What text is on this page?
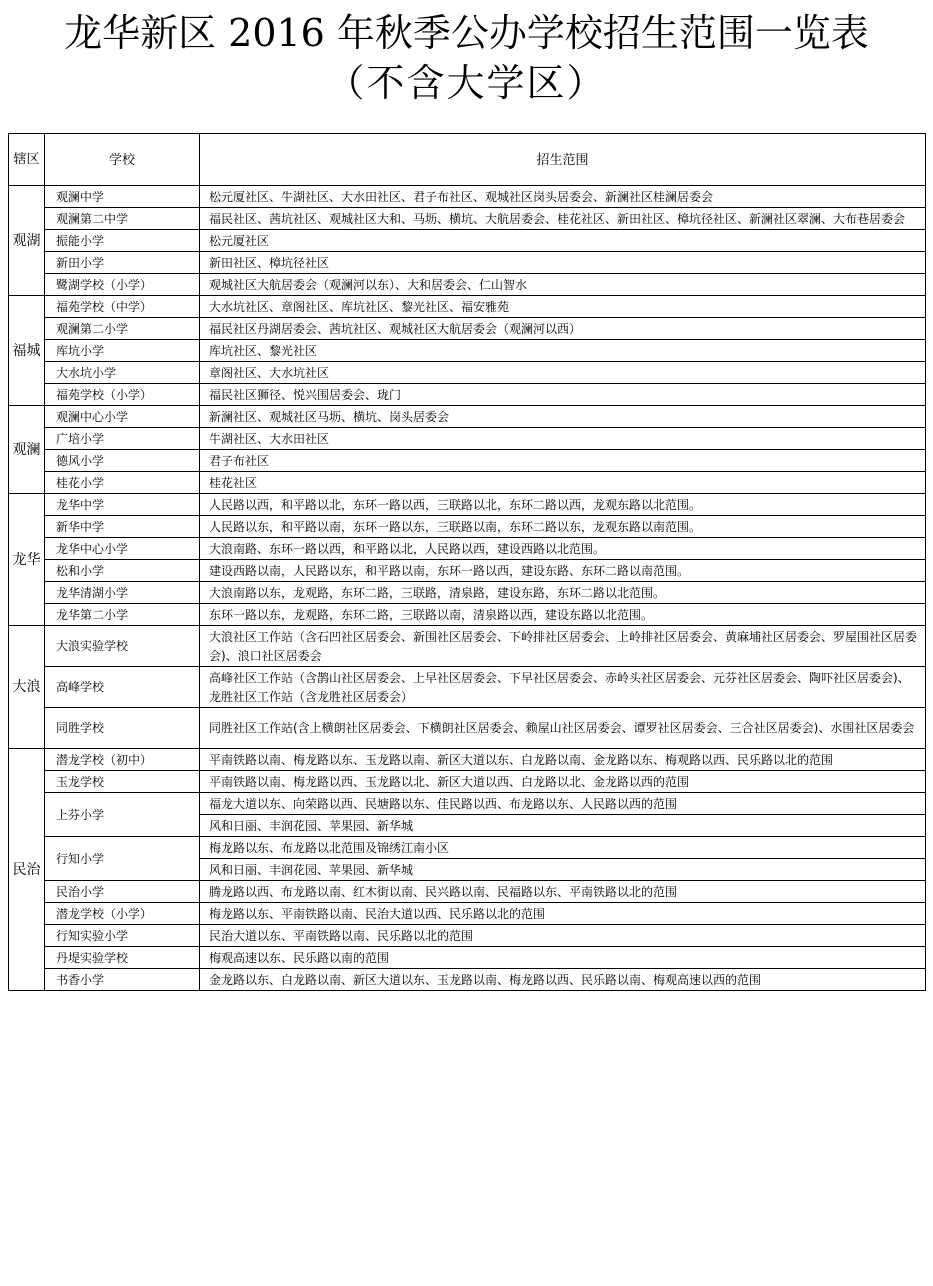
龙华新区 2016 年秋季公办学校招生范围一览表
（不含大学区）
辖区	学校	招生范围
观湖	观澜中学	松元厦社区、牛湖社区、大水田社区、君子布社区、观城社区岗头居委会、新澜社区桂澜居委会
	观澜第二中学	福民社区、茜坑社区、观城社区大和、马坜、横坑、大航居委会、桂花社区、新田社区、樟坑径社区、新澜社区翠澜、大布巷居委会
	振能小学	松元厦社区
	新田小学	新田社区、樟坑径社区
	鹭湖学校（小学）	观城社区大航居委会（观澜河以东）、大和居委会、仁山智水
福城	福苑学校（中学）	大水坑社区、章阁社区、库坑社区、黎光社区、福安雅苑
	观澜第二小学	福民社区丹湖居委会、茜坑社区、观城社区大航居委会（观澜河以西）
	库坑小学	库坑社区、黎光社区
	大水坑小学	章阁社区、大水坑社区
	福苑学校（小学）	福民社区狮径、悦兴围居委会、珑门
观澜	观澜中心小学	新澜社区、观城社区马坜、横坑、岗头居委会
	广培小学	牛湖社区、大水田社区
	德风小学	君子布社区
	桂花小学	桂花社区
龙华	龙华中学	人民路以西，和平路以北，东环一路以西，三联路以北，东环二路以西，龙观东路以北范围。
	新华中学	人民路以东，和平路以南，东环一路以东，三联路以南，东环二路以东，龙观东路以南范围。
	龙华中心小学	大浪南路、东环一路以西，和平路以北，人民路以西，建设西路以北范围。
	松和小学	建设西路以南，人民路以东，和平路以南，东环一路以西，建设东路、东环二路以南范围。
	龙华清湖小学	大浪南路以东，龙观路，东环二路，三联路，清泉路，建设东路，东环二路以北范围。
	龙华第二小学	东环一路以东，龙观路，东环二路，三联路以南，清泉路以西，建设东路以北范围。
大浪	大浪实验学校	大浪社区工作站（含石凹社区居委会、新围社区居委会、下岭排社区居委会、上岭排社区居委会、黄麻埔社区居委会、罗屋围社区居委会)、浪口社区居委会
	高峰学校	高峰社区工作站（含鹊山社区居委会、上早社区居委会、下早社区居委会、赤岭头社区居委会、元芬社区居委会、陶吓社区居委会)、龙胜社区工作站（含龙胜社区居委会）
	同胜学校	同胜社区工作站(含上横朗社区居委会、下横朗社区居委会、赖屋山社区居委会、谭罗社区居委会、三合社区居委会)、水围社区居委会
民治	潜龙学校（初中）	平南铁路以南、梅龙路以东、玉龙路以南、新区大道以东、白龙路以南、金龙路以东、梅观路以西、民乐路以北的范围
	玉龙学校	平南铁路以南、梅龙路以西、玉龙路以北、新区大道以西、白龙路以北、金龙路以西的范围
	上芬小学	福龙大道以东、向荣路以西、民塘路以东、佳民路以西、布龙路以东、人民路以西的范围
		风和日丽、丰润花园、苹果园、新华城
	行知小学	梅龙路以东、布龙路以北范围及锦绣江南小区
		风和日丽、丰润花园、苹果园、新华城
	民治小学	腾龙路以西、布龙路以南、红木街以南、民兴路以南、民福路以东、平南铁路以北的范围
	潜龙学校（小学）	梅龙路以东、平南铁路以南、民治大道以西、民乐路以北的范围
	行知实验小学	民治大道以东、平南铁路以南、民乐路以北的范围
	丹堤实验学校	梅观高速以东、民乐路以南的范围
	书香小学	金龙路以东、白龙路以南、新区大道以东、玉龙路以南、梅龙路以西、民乐路以南、梅观高速以西的范围
